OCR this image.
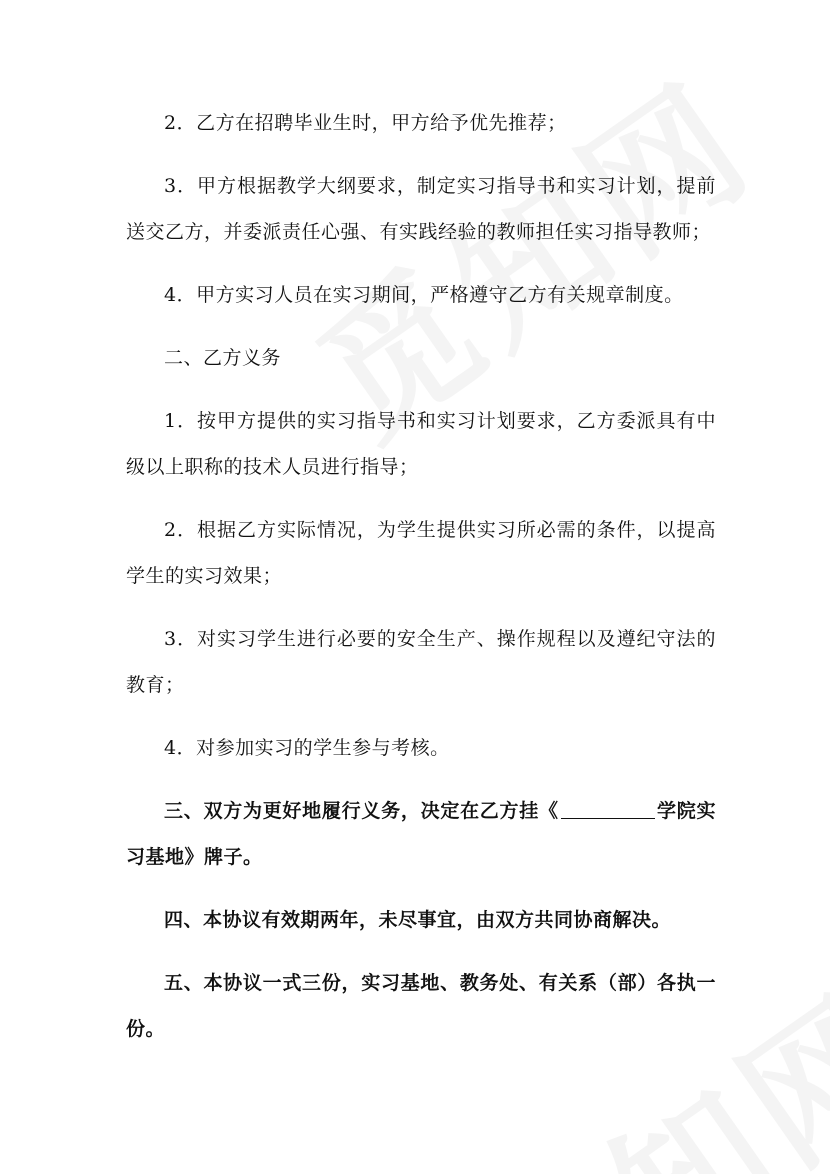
2．乙方在招聘毕业生时，甲方给予优先推荐；

3．甲方根据教学大纲要求，制定实习指导书和实习计划，提前送交乙方，并委派责任心强、有实践经验的教师担任实习指导教师；

4．甲方实习人员在实习期间，严格遵守乙方有关规章制度。

二、乙方义务

1．按甲方提供的实习指导书和实习计划要求，乙方委派具有中级以上职称的技术人员进行指导；

2．根据乙方实际情况，为学生提供实习所必需的条件，以提高学生的实习效果；

3．对实习学生进行必要的安全生产、操作规程以及遵纪守法的教育；

4．对参加实习的学生参与考核。

三、双方为更好地履行义务，决定在乙方挂《	学院实习基地》牌子。

四、本协议有效期两年，未尽事宜，由双方共同协商解决。

五、本协议一式三份，实习基地、教务处、有关系（部）各执一份。
